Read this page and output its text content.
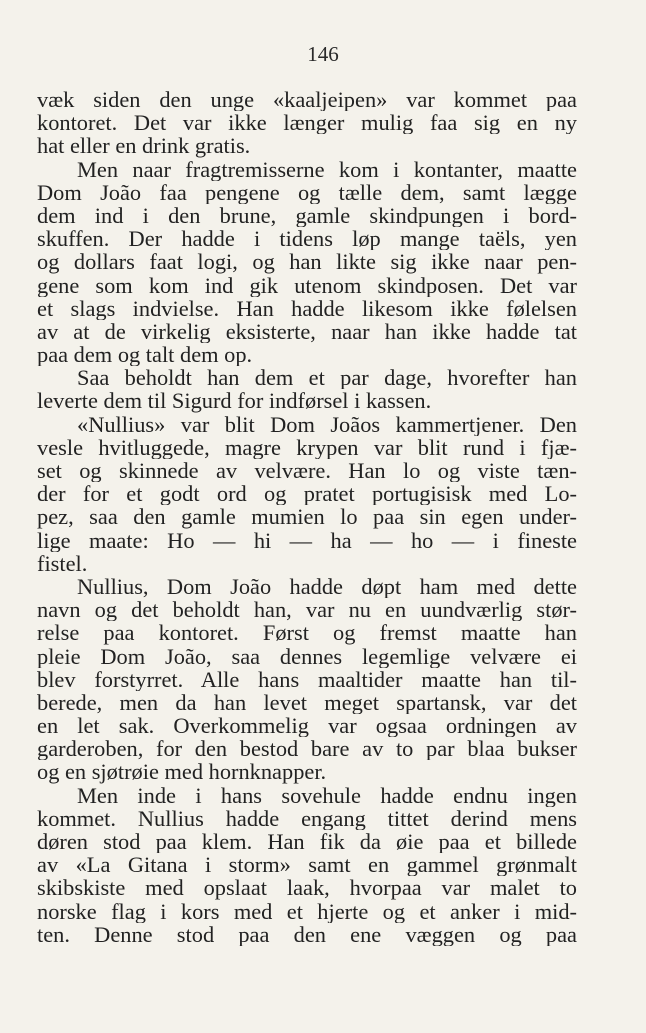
146
væk siden den unge «kaaljeipen» var kommet paa
kontoret. Det var ikke længer mulig faa sig en ny
hat eller en drink gratis.
Men naar fragtremisserne kom i kontanter, maatte
Dom João faa pengene og tælle dem, samt lægge
dem ind i den brune, gamle skindpungen i bord-
skuffen. Der hadde i tidens løp mange taëls, yen
og dollars faat logi, og han likte sig ikke naar pen-
gene som kom ind gik utenom skindposen. Det var
et slags indvielse. Han hadde likesom ikke følelsen
av at de virkelig eksisterte, naar han ikke hadde tat
paa dem og talt dem op.
Saa beholdt han dem et par dage, hvorefter han
leverte dem til Sigurd for indførsel i kassen.
«Nullius» var blit Dom Joãos kammertjener. Den
vesle hvitluggede, magre krypen var blit rund i fjæ-
set og skinnede av velvære. Han lo og viste tæn-
der for et godt ord og pratet portugisisk med Lo-
pez, saa den gamle mumien lo paa sin egen under-
lige maate: Ho — hi — ha — ho — i fineste
fistel.
Nullius, Dom João hadde døpt ham med dette
navn og det beholdt han, var nu en uundværlig stør-
relse paa kontoret. Først og fremst maatte han
pleie Dom João, saa dennes legemlige velvære ei
blev forstyrret. Alle hans maaltider maatte han til-
berede, men da han levet meget spartansk, var det
en let sak. Overkommelig var ogsaa ordningen av
garderoben, for den bestod bare av to par blaa bukser
og en sjøtrøie med hornknapper.
Men inde i hans sovehule hadde endnu ingen
kommet. Nullius hadde engang tittet derind mens
døren stod paa klem. Han fik da øie paa et billede
av «La Gitana i storm» samt en gammel grønmalt
skibskiste med opslaat laak, hvorpaa var malet to
norske flag i kors med et hjerte og et anker i mid-
ten. Denne stod paa den ene væggen og paa
